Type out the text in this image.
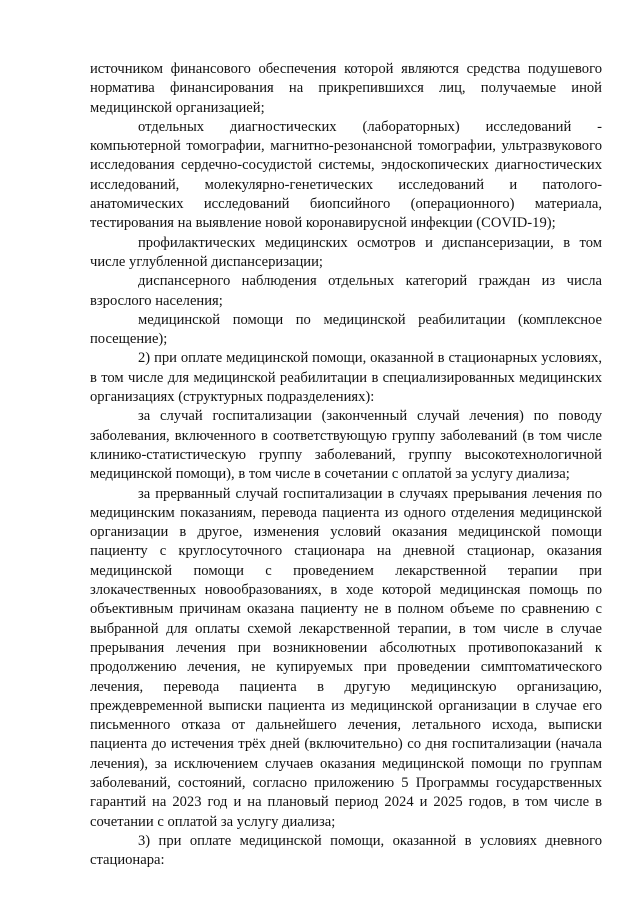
источником финансового обеспечения которой являются средства подушевого норматива финансирования на прикрепившихся лиц, получаемые иной медицинской организацией;

отдельных диагностических (лабораторных) исследований - компьютерной томографии, магнитно-резонансной томографии, ультразвукового исследования сердечно-сосудистой системы, эндоскопических диагностических исследований, молекулярно-генетических исследований и патолого-анатомических исследований биопсийного (операционного) материала, тестирования на выявление новой коронавирусной инфекции (COVID-19);

профилактических медицинских осмотров и диспансеризации, в том числе углубленной диспансеризации;

диспансерного наблюдения отдельных категорий граждан из числа взрослого населения;

медицинской помощи по медицинской реабилитации (комплексное посещение);

2) при оплате медицинской помощи, оказанной в стационарных условиях, в том числе для медицинской реабилитации в специализированных медицинских организациях (структурных подразделениях):

за случай госпитализации (законченный случай лечения) по поводу заболевания, включенного в соответствующую группу заболеваний (в том числе клинико-статистическую группу заболеваний, группу высокотехнологичной медицинской помощи), в том числе в сочетании с оплатой за услугу диализа;

за прерванный случай госпитализации в случаях прерывания лечения по медицинским показаниям, перевода пациента из одного отделения медицинской организации в другое, изменения условий оказания медицинской помощи пациенту с круглосуточного стационара на дневной стационар, оказания медицинской помощи с проведением лекарственной терапии при злокачественных новообразованиях, в ходе которой медицинская помощь по объективным причинам оказана пациенту не в полном объеме по сравнению с выбранной для оплаты схемой лекарственной терапии, в том числе в случае прерывания лечения при возникновении абсолютных противопоказаний к продолжению лечения, не купируемых при проведении симптоматического лечения, перевода пациента в другую медицинскую организацию, преждевременной выписки пациента из медицинской организации в случае его письменного отказа от дальнейшего лечения, летального исхода, выписки пациента до истечения трёх дней (включительно) со дня госпитализации (начала лечения), за исключением случаев оказания медицинской помощи по группам заболеваний, состояний, согласно приложению 5 Программы государственных гарантий на 2023 год и на плановый период 2024 и 2025 годов, в том числе в сочетании с оплатой за услугу диализа;

3) при оплате медицинской помощи, оказанной в условиях дневного стационара:
